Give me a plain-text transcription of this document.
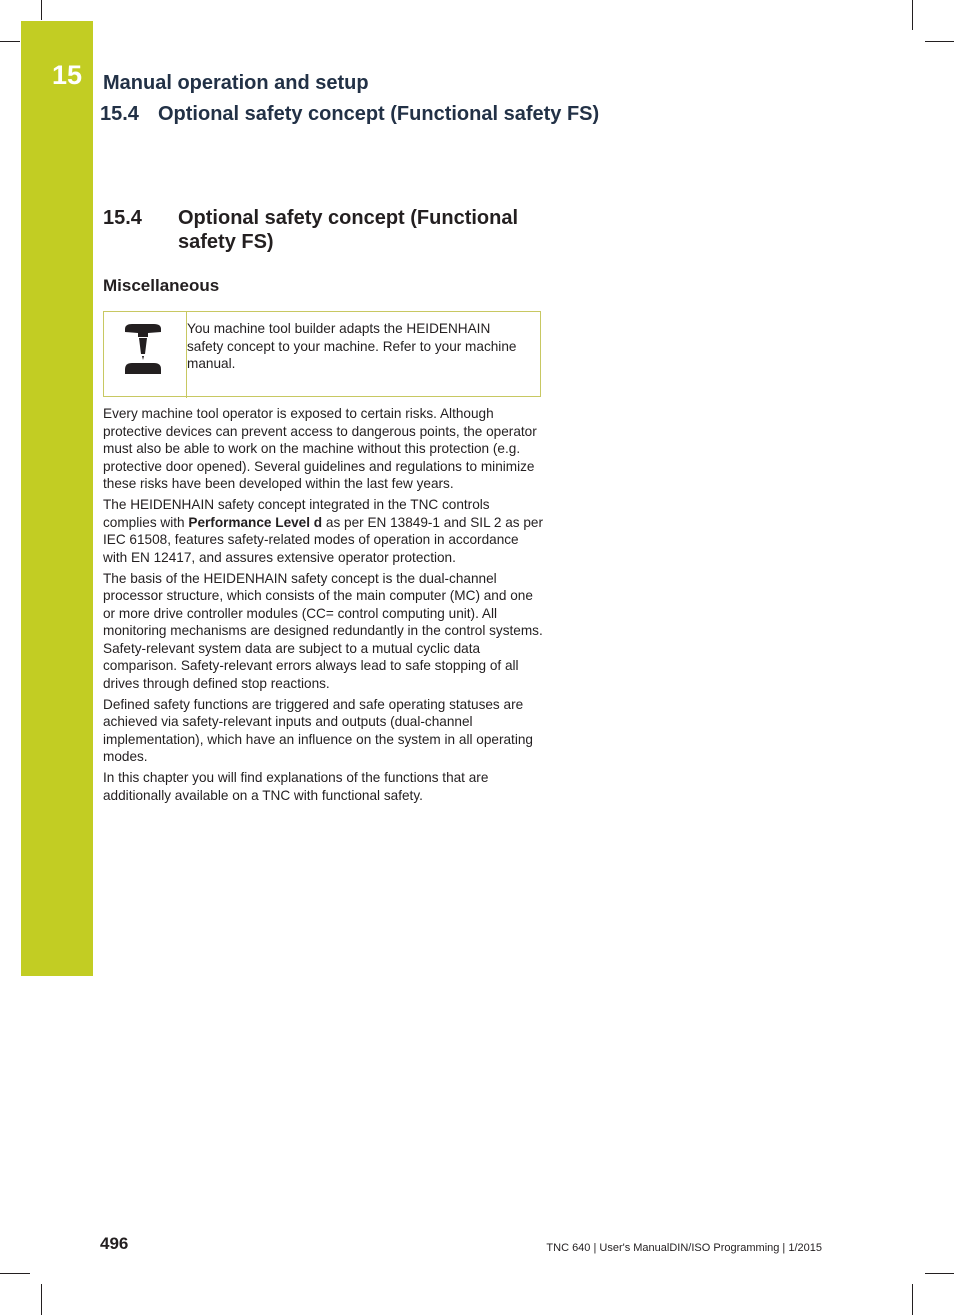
15 Manual operation and setup
15.4 Optional safety concept (Functional safety FS)
15.4 Optional safety concept (Functional safety FS)
Miscellaneous
You machine tool builder adapts the HEIDENHAIN safety concept to your machine. Refer to your machine manual.

Every machine tool operator is exposed to certain risks. Although protective devices can prevent access to dangerous points, the operator must also be able to work on the machine without this protection (e.g. protective door opened). Several guidelines and regulations to minimize these risks have been developed within the last few years.

The HEIDENHAIN safety concept integrated in the TNC controls complies with Performance Level d as per EN 13849-1 and SIL 2 as per IEC 61508, features safety-related modes of operation in accordance with EN 12417, and assures extensive operator protection.

The basis of the HEIDENHAIN safety concept is the dual-channel processor structure, which consists of the main computer (MC) and one or more drive controller modules (CC= control computing unit). All monitoring mechanisms are designed redundantly in the control systems. Safety-relevant system data are subject to a mutual cyclic data comparison. Safety-relevant errors always lead to safe stopping of all drives through defined stop reactions.

Defined safety functions are triggered and safe operating statuses are achieved via safety-relevant inputs and outputs (dual-channel implementation), which have an influence on the system in all operating modes.

In this chapter you will find explanations of the functions that are additionally available on a TNC with functional safety.

496	TNC 640 | User's ManualDIN/ISO Programming | 1/2015
